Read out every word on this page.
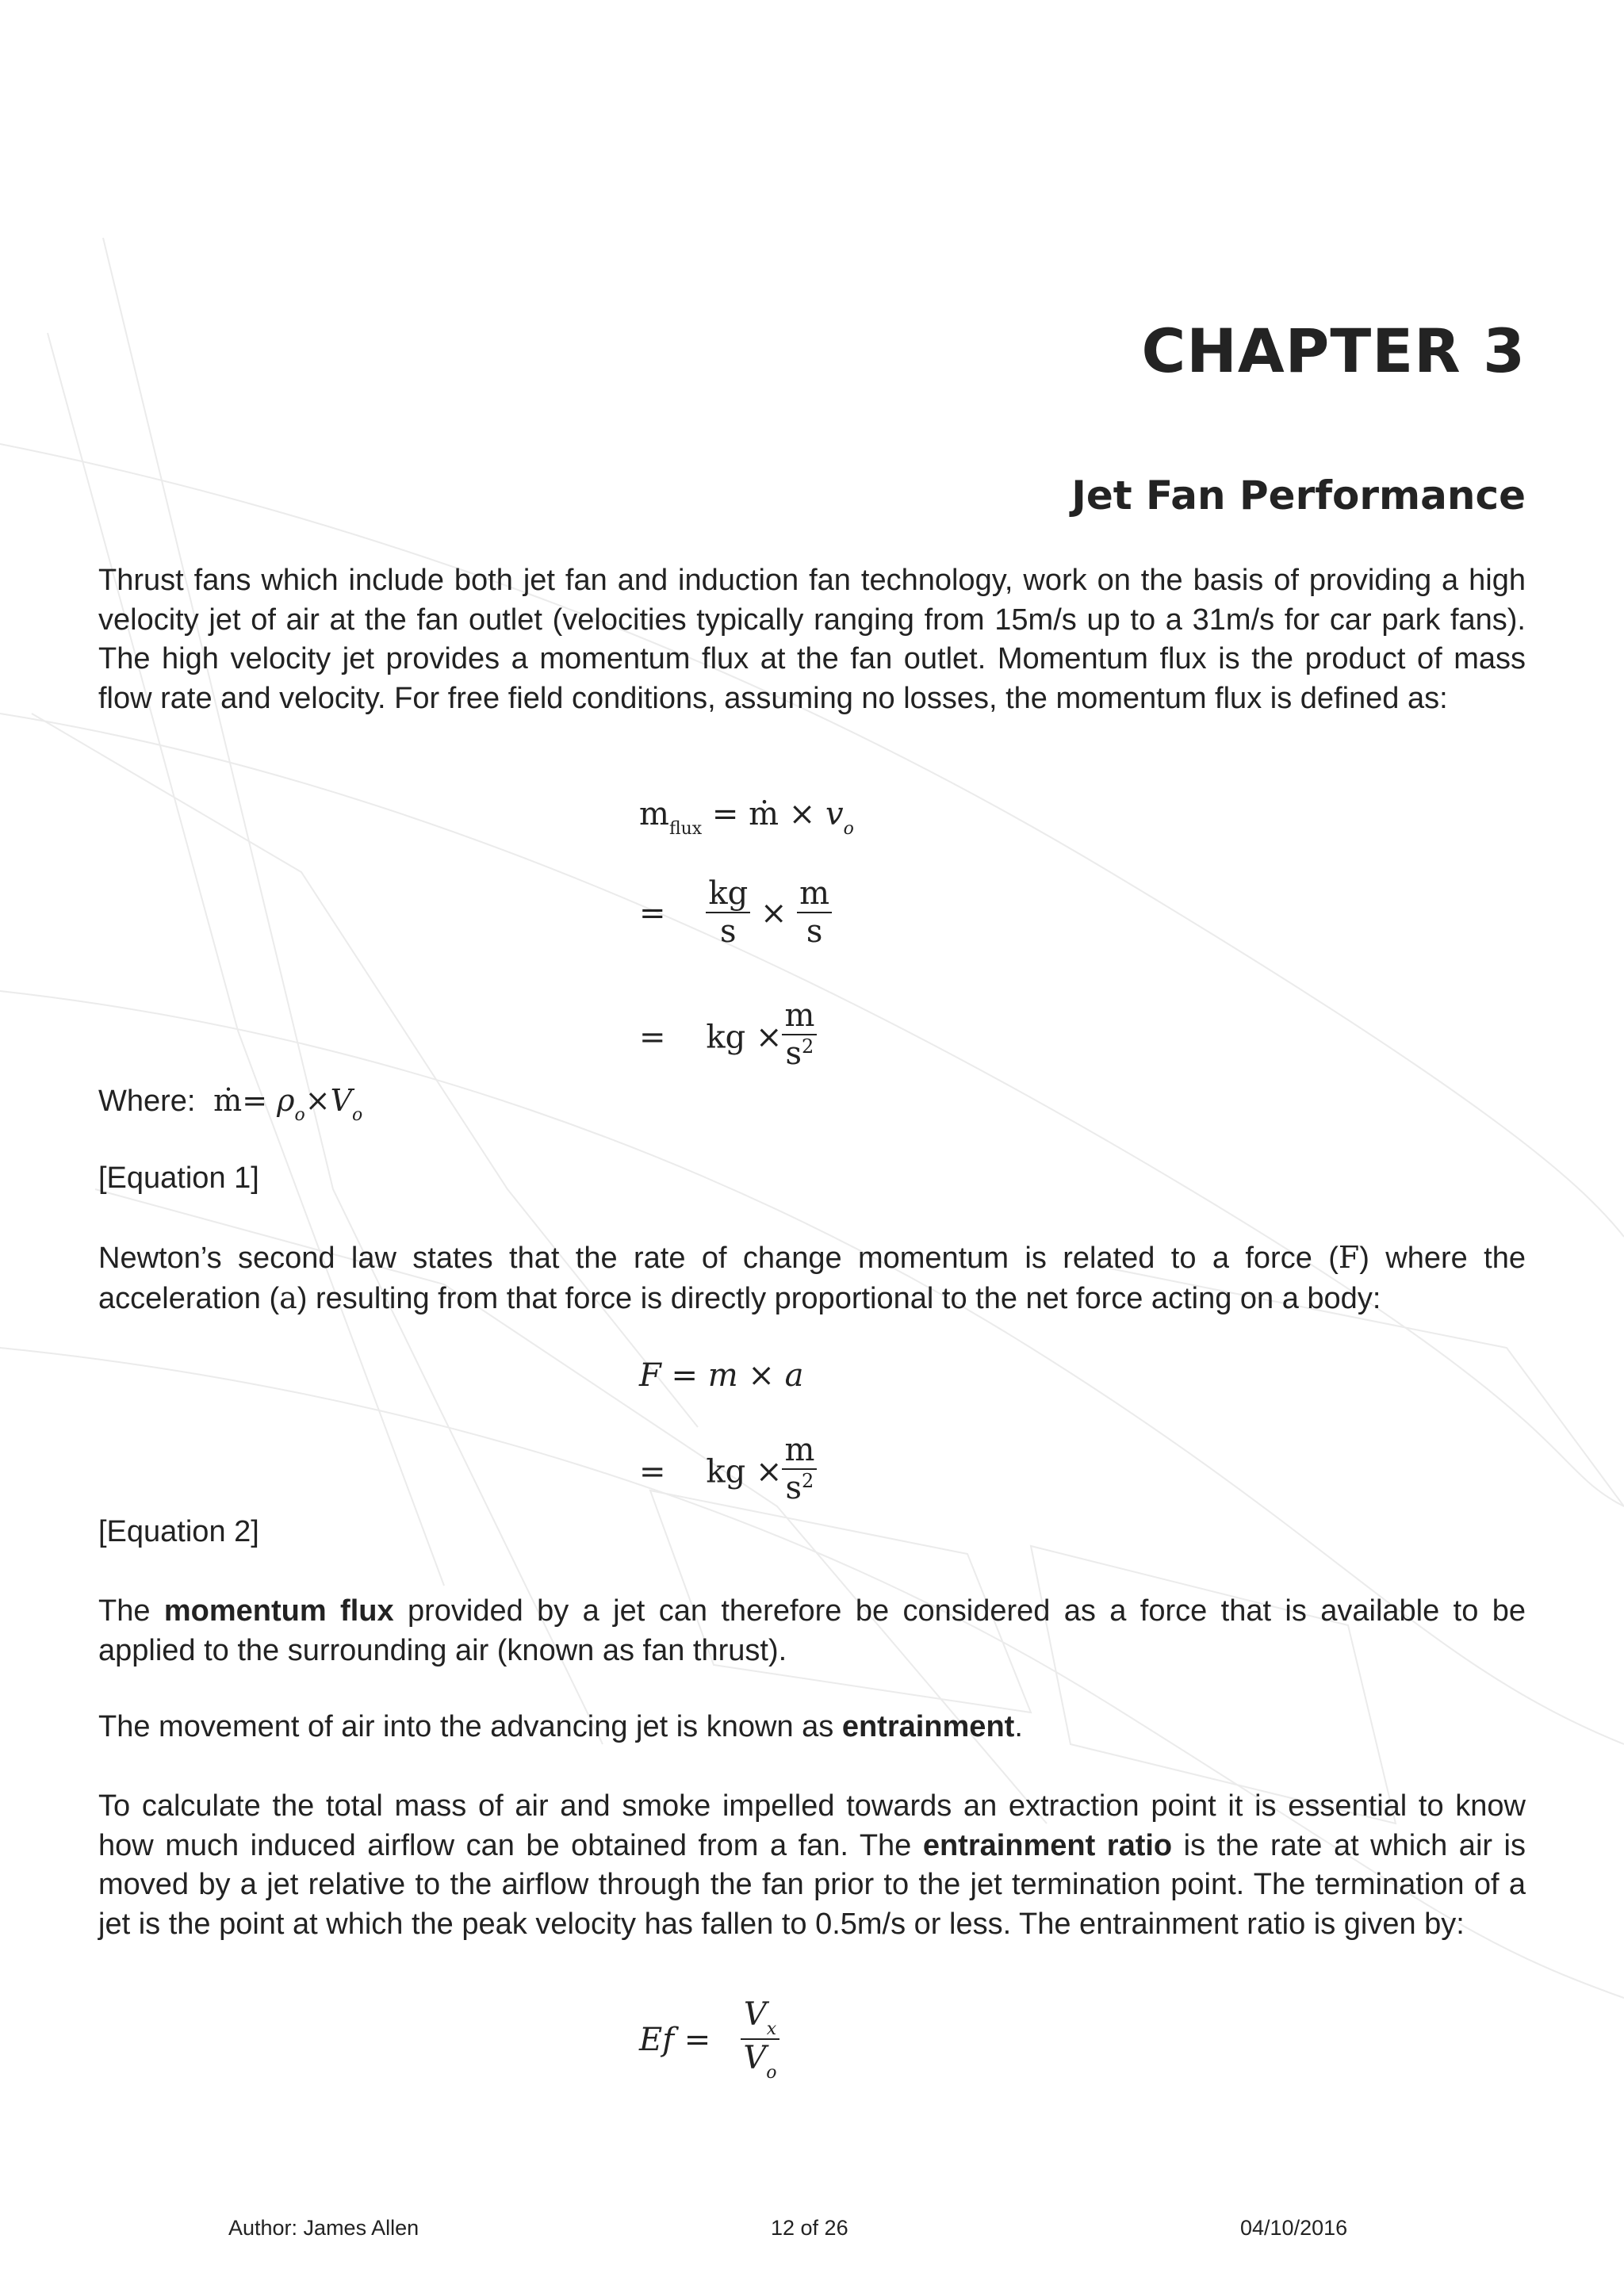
CHAPTER 3
Jet Fan Performance

Thrust fans which include both jet fan and induction fan technology, work on the basis of providing a high velocity jet of air at the fan outlet (velocities typically ranging from 15m/s up to a 31m/s for car park fans). The high velocity jet provides a momentum flux at the fan outlet. Momentum flux is the product of mass flow rate and velocity. For free field conditions, assuming no losses, the momentum flux is defined as:

$m_{flux}$ = ṁ × $v_o$
= $\frac{kg}{s} \times \frac{m}{s}$
= kg × $\frac{m}{s^2}$

Where: ṁ= $\rho_o\times V_o$

[Equation 1]

Newton’s second law states that the rate of change momentum is related to a force (F) where the acceleration (a) resulting from that force is directly proportional to the net force acting on a body:

F = m × a
= kg × $\frac{m}{s^2}$

[Equation 2]

The momentum flux provided by a jet can therefore be considered as a force that is available to be applied to the surrounding air (known as fan thrust).

The movement of air into the advancing jet is known as entrainment.

To calculate the total mass of air and smoke impelled towards an extraction point it is essential to know how much induced airflow can be obtained from a fan. The entrainment ratio is the rate at which air is moved by a jet relative to the airflow through the fan prior to the jet termination point. The termination of a jet is the point at which the peak velocity has fallen to 0.5m/s or less. The entrainment ratio is given by:

$Ef = \frac{V_x}{V_o}$

Author: James Allen	12 of 26	04/10/2016
